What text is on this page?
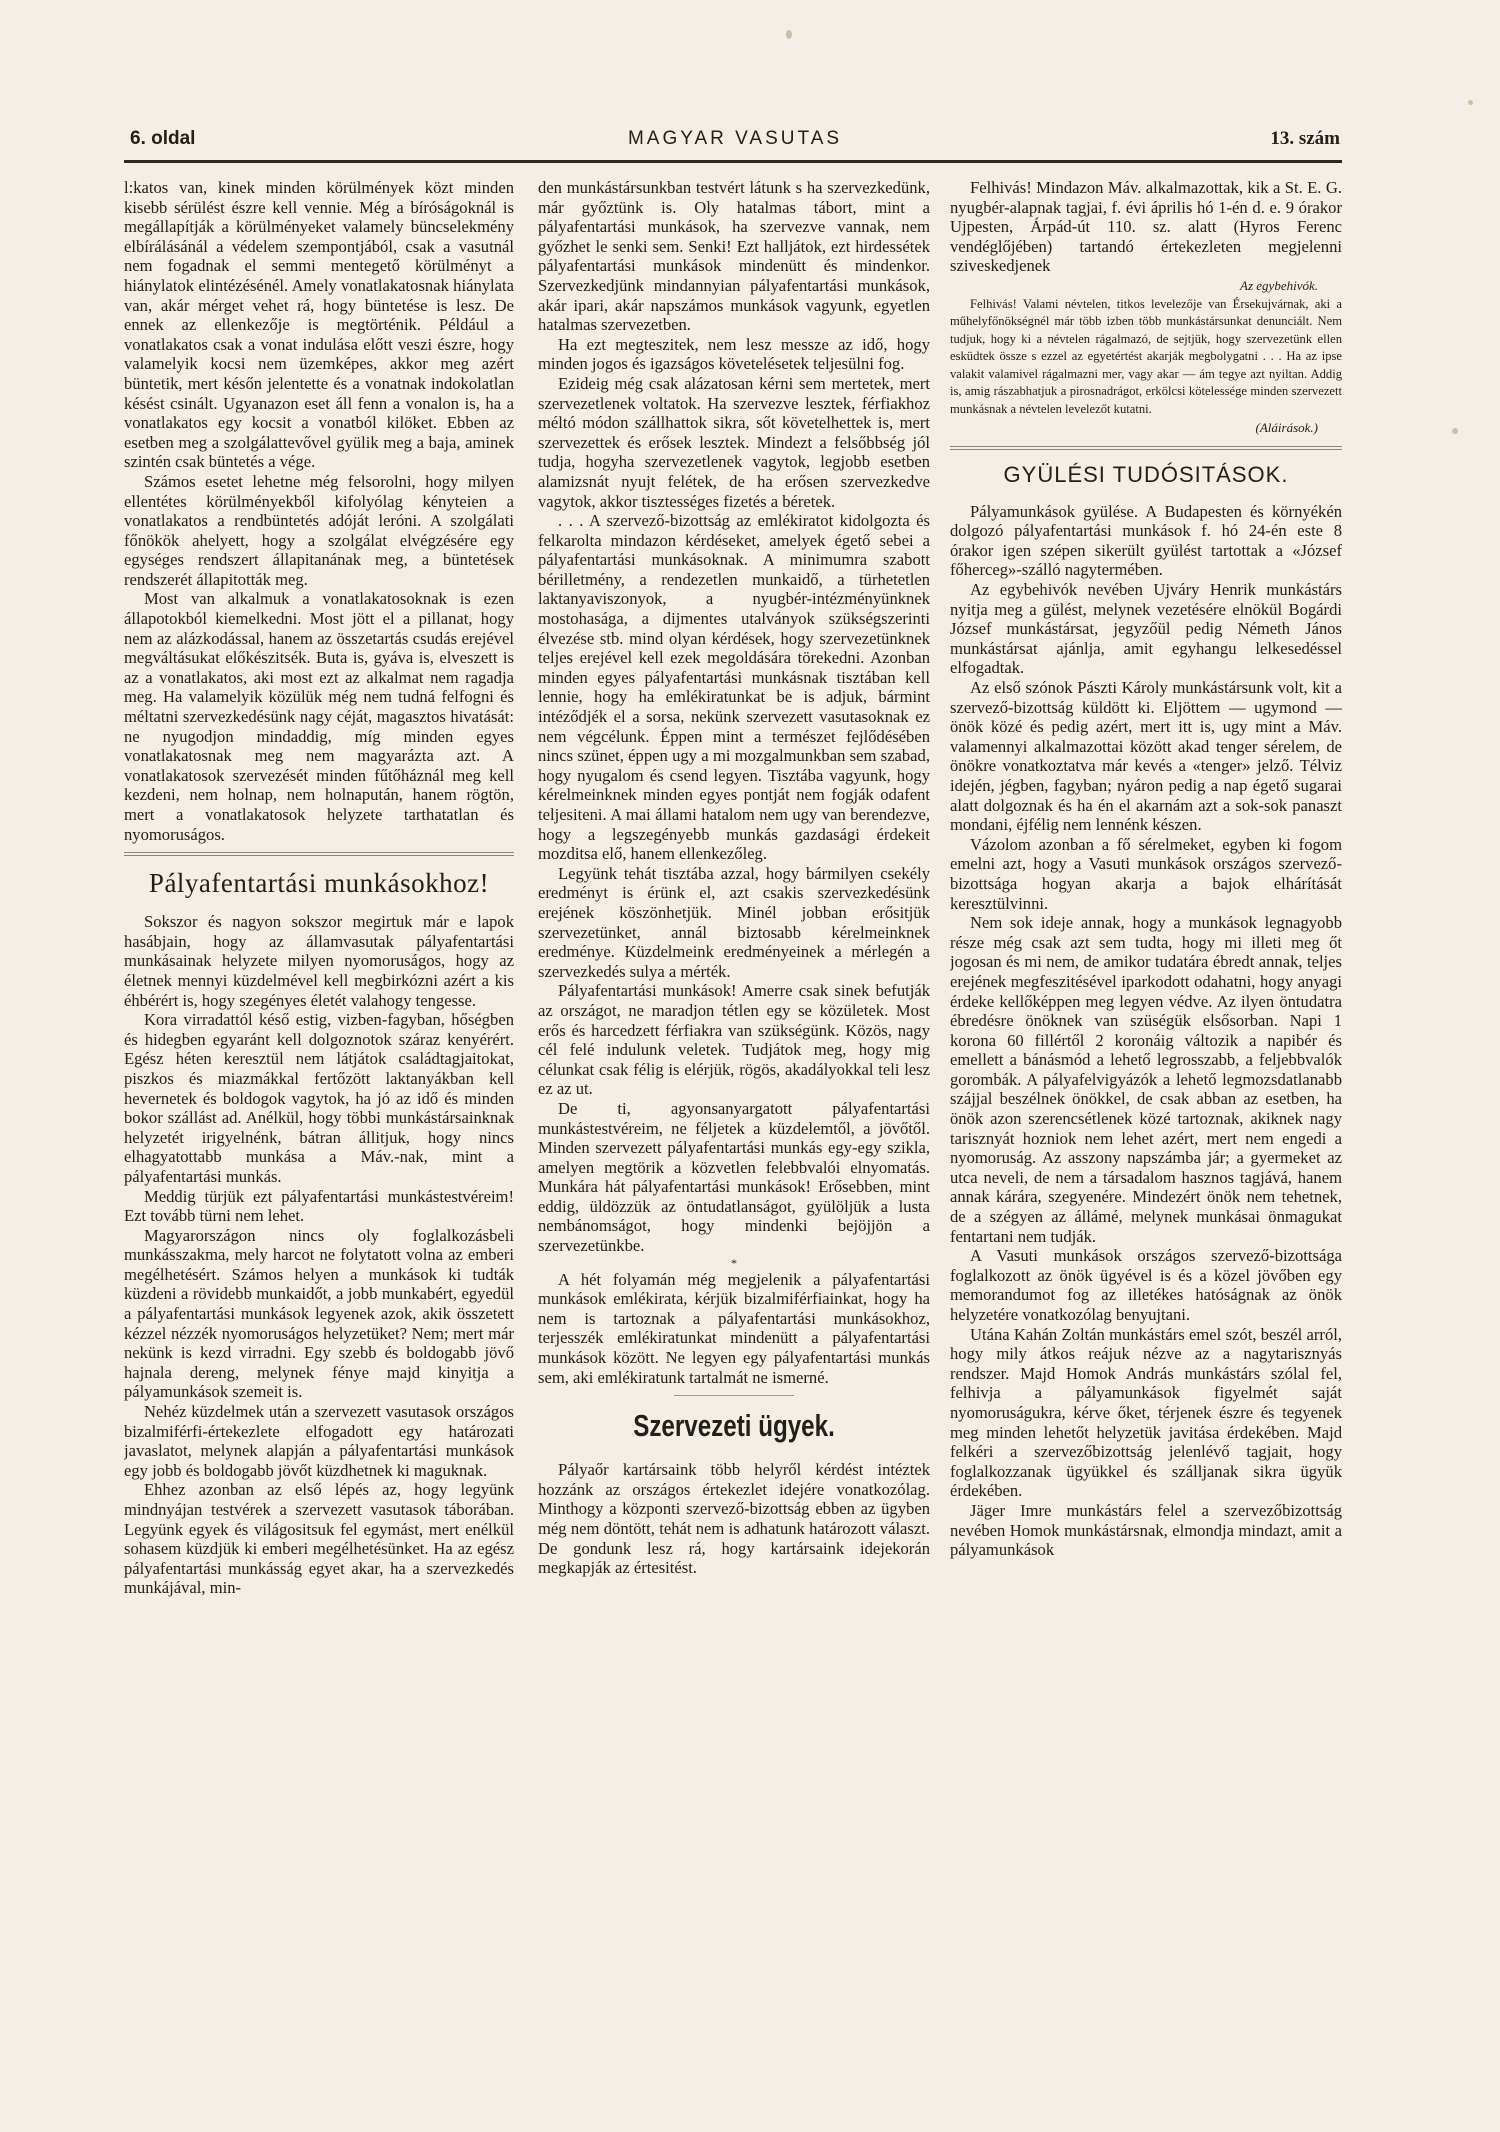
MAGYAR VASUTAS
6. oldal	13. szám

l:katos van, kinek minden körülmények közt minden kisebb sérülést észre kell vennie. Még a bíróságoknál is megállapítják a körülményeket valamely büncselekmény elbírálásánál a védelem szempontjából, csak a vasutnál nem fogadnak el semmi mentegető körülményt a hiánylatok elintézésénél. Amely vonatlakatosnak hiánylata van, akár mérget vehet rá, hogy büntetése is lesz. De ennek az ellenkezője is megtörténik. Például a vonatlakatos csak a vonat indulása előtt veszi észre, hogy valamelyik kocsi nem üzemképes, akkor meg azért büntetik, mert későn jelentette és a vonatnak indokolatlan késést csinált. Ugyanazon eset áll fenn a vonalon is, ha a vonatlakatos egy kocsit a vonatból kilöket. Ebben az esetben meg a szolgálattevővel gyülik meg a baja, aminek szintén csak büntetés a vége.

Számos esetet lehetne még felsorolni, hogy milyen ellentétes körülményekből kifolyólag kényteien a vonatlakatos a rendbüntetés adóját leróni. A szolgálati főnökök ahelyett, hogy a szolgálat elvégzésére egy egységes rendszert állapitanának meg, a büntetések rendszerét állapitották meg.

Most van alkalmuk a vonatlakatosoknak is ezen állapotokból kiemelkedni. Most jött el a pillanat, hogy nem az alázkodással, hanem az összetartás csudás erejével megváltásukat előkészitsék. Buta is, gyáva is, elveszett is az a vonatlakatos, aki most ezt az alkalmat nem ragadja meg. Ha valamelyik közülük még nem tudná felfogni és méltatni szervezkedésünk nagy céját, magasztos hivatását: ne nyugodjon mindaddig, míg minden egyes vonatlakatosnak meg nem magyarázta azt. A vonatlakatosok szervezését minden fűtőháznál meg kell kezdeni, nem holnap, nem holnapután, hanem rögtön, mert a vonatlakatosok helyzete tarthatatlan és nyomoruságos.

Pályafentartási munkásokhoz!

Sokszor és nagyon sokszor megirtuk már e lapok hasábjain, hogy az államvasutak pályafentartási munkásainak helyzete milyen nyomoruságos, hogy az életnek mennyi küzdelmével kell megbirkózni azért a kis éhbérért is, hogy szegényes életét valahogy tengesse.

Kora virradattól késő estig, vizben-fagyban, hőségben és hidegben egyaránt kell dolgoznotok száraz kenyérért. Egész héten keresztül nem látjátok családtagjaitokat, piszkos és miazmákkal fertőzött laktanyákban kell hevernetek és boldogok vagytok, ha jó az idő és minden bokor szállást ad. Anélkül, hogy többi munkástársainknak helyzetét irigyelnénk, bátran állitjuk, hogy nincs elhagyatottabb munkása a Máv.-nak, mint a pályafentartási munkás.

Meddig türjük ezt pályafentartási munkástestvéreim! Ezt tovább türni nem lehet.

Magyarországon nincs oly foglalkozásbeli munkásszakma, mely harcot ne folytatott volna az emberi megélhetésért. Számos helyen a munkások ki tudták küzdeni a rövidebb munkaidőt, a jobb munkabért, egyedül a pályafentartási munkások legyenek azok, akik összetett kézzel nézzék nyomoruságos helyzetüket? Nem; mert már nekünk is kezd virradni. Egy szebb és boldogabb jövő hajnala dereng, melynek fénye majd kinyitja a pályamunkások szemeit is.

Nehéz küzdelmek után a szervezett vasutasok országos bizalmiférfi-értekezlete elfogadott egy határozati javaslatot, melynek alapján a pályafentartási munkások egy jobb és boldogabb jövőt küzdhetnek ki maguknak.

Ehhez azonban az első lépés az, hogy legyünk mindnyájan testvérek a szervezett vasutasok táborában. Legyünk egyek és világositsuk fel egymást, mert enélkül sohasem küzdjük ki emberi megélhetésünket. Ha az egész pályafentartási munkásság egyet akar, ha a szervezkedés munkájával, min-

den munkástársunkban testvért látunk s ha szervezkedünk, már győztünk is. Oly hatalmas tábort, mint a pályafentartási munkások, ha szervezve vannak, nem győzhet le senki sem. Senki! Ezt halljátok, ezt hirdessétek pályafentartási munkások mindenütt és mindenkor. Szervezkedjünk mindannyian pályafentartási munkások, akár ipari, akár napszámos munkások vagyunk, egyetlen hatalmas szervezetben.

Ha ezt megteszitek, nem lesz messze az idő, hogy minden jogos és igazságos követelésetek teljesülni fog.

Ezideig még csak alázatosan kérni sem mertetek, mert szervezetlenek voltatok. Ha szervezve lesztek, férfiakhoz méltó módon szállhattok sikra, sőt követelhettek is, mert szervezettek és erősek lesztek. Mindezt a felsőbbség jól tudja, hogyha szervezetlenek vagytok, legjobb esetben alamizsnát nyujt felétek, de ha erősen szervezkedve vagytok, akkor tisztességes fizetés a béretek.

. . . A szervező-bizottság az emlékiratot kidolgozta és felkarolta mindazon kérdéseket, amelyek égető sebei a pályafentartási munkásoknak. A minimumra szabott bérilletmény, a rendezetlen munkaidő, a türhetetlen laktanyaviszonyok, a nyugbér-intézményünknek mostohasága, a dijmentes utalványok szükségszerinti élvezése stb. mind olyan kérdések, hogy szervezetünknek teljes erejével kell ezek megoldására törekedni. Azonban minden egyes pályafentartási munkásnak tisztában kell lennie, hogy ha emlékiratunkat be is adjuk, bármint intéződjék el a sorsa, nekünk szervezett vasutasoknak ez nem végcélunk. Éppen mint a természet fejlődésében nincs szünet, éppen ugy a mi mozgalmunkban sem szabad, hogy nyugalom és csend legyen. Tisztába vagyunk, hogy kérelmeinknek minden egyes pontját nem fogják odafent teljesiteni. A mai állami hatalom nem ugy van berendezve, hogy a legszegényebb munkás gazdasági érdekeit mozditsa elő, hanem ellenkezőleg.

Legyünk tehát tisztába azzal, hogy bármilyen csekély eredményt is érünk el, azt csakis szervezkedésünk erejének köszönhetjük. Minél jobban erősitjük szervezetünket, annál biztosabb kérelmeinknek eredménye. Küzdelmeink eredményeinek a mérlegén a szervezkedés sulya a mérték.

Pályafentartási munkások! Amerre csak sinek befutják az országot, ne maradjon tétlen egy se közületek. Most erős és harcedzett férfiakra van szükségünk. Közös, nagy cél felé indulunk veletek. Tudjátok meg, hogy mig célunkat csak félig is elérjük, rögös, akadályokkal teli lesz ez az ut.

De ti, agyonsanyargatott pályafentartási munkástestvéreim, ne féljetek a küzdelemtől, a jövőtől. Minden szervezett pályafentartási munkás egy-egy szikla, amelyen megtörik a közvetlen felebbvalói elnyomatás. Munkára hát pályafentartási munkások! Erősebben, mint eddig, üldözzük az öntudatlanságot, gyülöljük a lusta nembánomságot, hogy mindenki bejöjjön a szervezetünkbe.

*

A hét folyamán még megjelenik a pályafentartási munkások emlékirata, kérjük bizalmiférfiainkat, hogy ha nem is tartoznak a pályafentartási munkásokhoz, terjesszék emlékiratunkat mindenütt a pályafentartási munkások között. Ne legyen egy pályafentartási munkás sem, aki emlékiratunk tartalmát ne ismerné.

Szervezeti ügyek.

Pályaőr kartársaink több helyről kérdést intéztek hozzánk az országos értekezlet idejére vonatkozólag. Minthogy a központi szervező-bizottság ebben az ügyben még nem döntött, tehát nem is adhatunk határozott választ. De gondunk lesz rá, hogy kartársaink idejekorán megkapják az értesitést.

Felhivás! Mindazon Máv. alkalmazottak, kik a St. E. G. nyugbér-alapnak tagjai, f. évi április hó 1-én d. e. 9 órakor Ujpesten, Árpád-út 110. sz. alatt (Hyros Ferenc vendéglőjében) tartandó értekezleten megjelenni sziveskedjenek

Az egybehivók.

Felhivás! Valami névtelen, titkos levelezője van Érsekujvárnak, aki a műhelyfőnökségnél már több izben több munkástársunkat denunciált. Nem tudjuk, hogy ki a névtelen rágalmazó, de sejtjük, hogy szervezetünk ellen esküdtek össze s ezzel az egyetértést akarják megbolygatni . . . Ha az ipse valakit valamivel rágalmazni mer, vagy akar — ám tegye azt nyiltan. Addig is, amig rászabhatjuk a pirosnadrágot, erkölcsi kötelessége minden szervezett munkásnak a névtelen levelezőt kutatni.

(Aláirások.)

GYÜLÉSI TUDÓSITÁSOK.

Pályamunkások gyülése. A Budapesten és környékén dolgozó pályafentartási munkások f. hó 24-én este 8 órakor igen szépen sikerült gyülést tartottak a «József főherceg»-szálló nagytermében.

Az egybehivók nevében Ujváry Henrik munkástárs nyitja meg a gülést, melynek vezetésére elnökül Bogárdi József munkástársat, jegyzőül pedig Németh János munkástársat ajánlja, amit egyhangu lelkesedéssel elfogadtak.

Az első szónok Pászti Károly munkástársunk volt, kit a szervező-bizottság küldött ki. Eljöttem — ugymond — önök közé és pedig azért, mert itt is, ugy mint a Máv. valamennyi alkalmazottai között akad tenger sérelem, de önökre vonatkoztatva már kevés a «tenger» jelző. Télviz idején, jégben, fagyban; nyáron pedig a nap égető sugarai alatt dolgoznak és ha én el akarnám azt a sok-sok panaszt mondani, éjfélig nem lennénk készen.

Vázolom azonban a fő sérelmeket, egyben ki fogom emelni azt, hogy a Vasuti munkások országos szervező-bizottsága hogyan akarja a bajok elhárítását keresztülvinni.

Nem sok ideje annak, hogy a munkások legnagyobb része még csak azt sem tudta, hogy mi illeti meg őt jogosan és mi nem, de amikor tudatára ébredt annak, teljes erejének megfeszitésével iparkodott odahatni, hogy anyagi érdeke kellőképpen meg legyen védve. Az ilyen öntudatra ébredésre önöknek van szüségük elsősorban. Napi 1 korona 60 fillértől 2 koronáig változik a napibér és emellett a bánásmód a lehető legrosszabb, a feljebbvalók gorombák. A pályafelvigyázók a lehető legmozsdatlanabb szájjal beszélnek önökkel, de csak abban az esetben, ha önök azon szerencsétlenek közé tartoznak, akiknek nagy tarisznyát hozniok nem lehet azért, mert nem engedi a nyomoruság. Az asszony napszámba jár; a gyermeket az utca neveli, de nem a társadalom hasznos tagjává, hanem annak kárára, szegyenére. Mindezért önök nem tehetnek, de a szégyen az állámé, melynek munkásai önmagukat fentartani nem tudják.

A Vasuti munkások országos szervező-bizottsága foglalkozott az önök ügyével is és a közel jövőben egy memorandumot fog az illetékes hatóságnak az önök helyzetére vonatkozólag benyujtani.

Utána Kahán Zoltán munkástárs emel szót, beszél arról, hogy mily átkos reájuk nézve az a nagytarisznyás rendszer. Majd Homok András munkástárs szólal fel, felhivja a pályamunkások figyelmét saját nyomoruságukra, kérve őket, térjenek észre és tegyenek meg minden lehetőt helyzetük javitása érdekében. Majd felkéri a szervezőbizottság jelenlévő tagjait, hogy foglalkozzanak ügyükkel és szálljanak sikra ügyük érdekében.

Jäger Imre munkástárs felel a szervezőbizottság nevében Homok munkástársnak, elmondja mindazt, amit a pályamunkások
